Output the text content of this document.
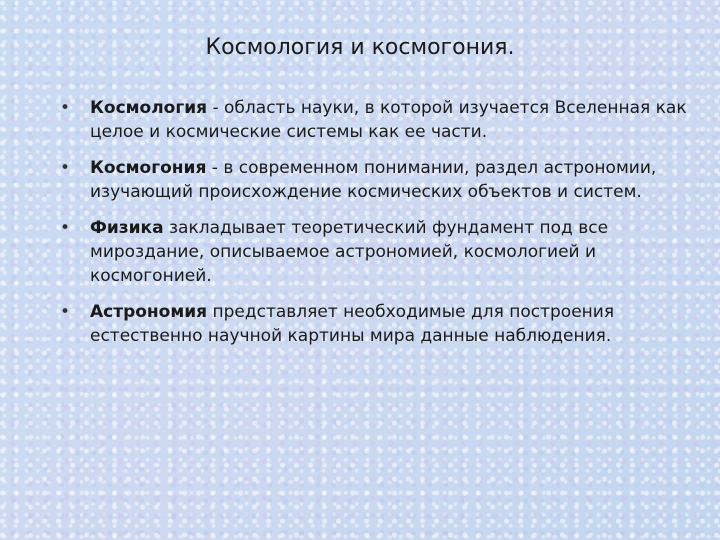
Космология и космогония.
•	Космология - область науки, в которой изучается Вселенная как целое и космические системы как ее части.
•	Космогония - в современном понимании, раздел астрономии, изучающий происхождение космических объектов и систем.
•	Физика закладывает теоретический фундамент под все мироздание, описываемое астрономией, космологией и космогонией.
•	Астрономия представляет необходимые для построения естественно научной картины мира данные наблюдения.
